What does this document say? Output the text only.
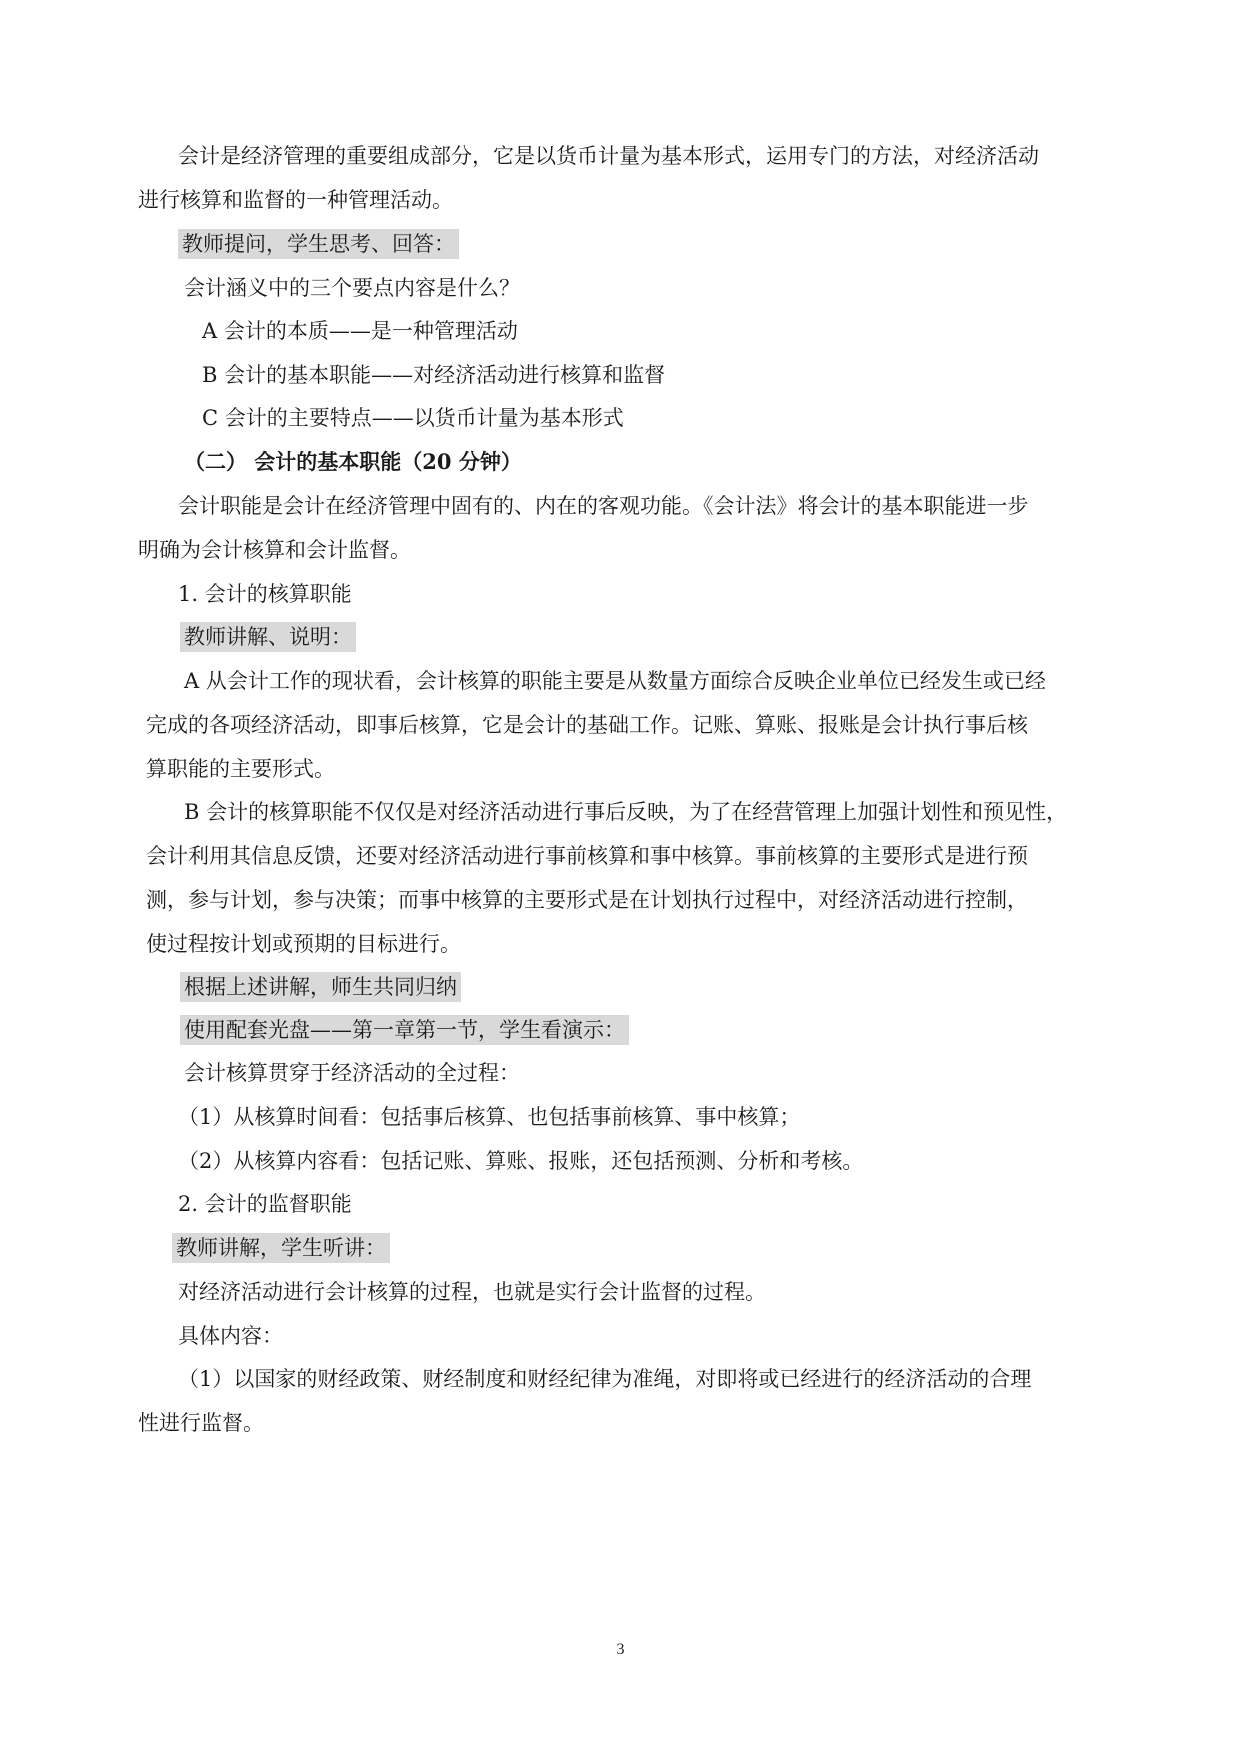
会计是经济管理的重要组成部分，它是以货币计量为基本形式，运用专门的方法，对经济活动
进行核算和监督的一种管理活动。
教师提问，学生思考、回答：
会计涵义中的三个要点内容是什么？
A 会计的本质——是一种管理活动
B 会计的基本职能——对经济活动进行核算和监督
C 会计的主要特点——以货币计量为基本形式
（二） 会计的基本职能（20 分钟）
会计职能是会计在经济管理中固有的、内在的客观功能。《会计法》将会计的基本职能进一步
明确为会计核算和会计监督。
1. 会计的核算职能
教师讲解、说明：
A 从会计工作的现状看，会计核算的职能主要是从数量方面综合反映企业单位已经发生或已经
完成的各项经济活动，即事后核算，它是会计的基础工作。记账、算账、报账是会计执行事后核
算职能的主要形式。
B 会计的核算职能不仅仅是对经济活动进行事后反映，为了在经营管理上加强计划性和预见性，
会计利用其信息反馈，还要对经济活动进行事前核算和事中核算。事前核算的主要形式是进行预
测，参与计划，参与决策；而事中核算的主要形式是在计划执行过程中，对经济活动进行控制，
使过程按计划或预期的目标进行。
根据上述讲解，师生共同归纳
使用配套光盘——第一章第一节，学生看演示：
会计核算贯穿于经济活动的全过程：
（1）从核算时间看：包括事后核算、也包括事前核算、事中核算；
（2）从核算内容看：包括记账、算账、报账，还包括预测、分析和考核。
2. 会计的监督职能
教师讲解，学生听讲：
对经济活动进行会计核算的过程，也就是实行会计监督的过程。
具体内容：
（1）以国家的财经政策、财经制度和财经纪律为准绳，对即将或已经进行的经济活动的合理
性进行监督。
3
